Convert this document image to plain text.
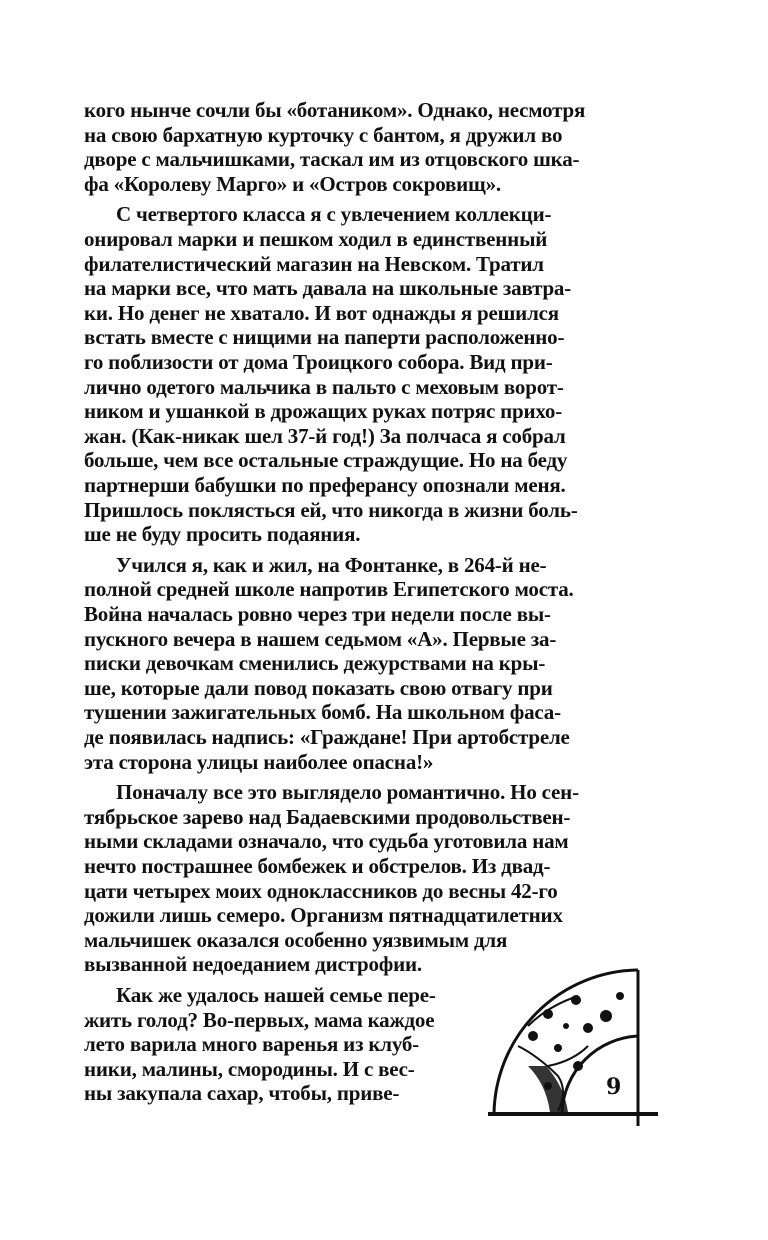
кого нынче сочли бы «ботаником». Однако, несмотря
на свою бархатную курточку с бантом, я дружил во
дворе с мальчишками, таскал им из отцовского шка-
фа «Королеву Марго» и «Остров сокровищ».
С четвертого класса я с увлечением коллекци-
онировал марки и пешком ходил в единственный
филателистический магазин на Невском. Тратил
на марки все, что мать давала на школьные завтра-
ки. Но денег не хватало. И вот однажды я решился
встать вместе с нищими на паперти расположенно-
го поблизости от дома Троицкого собора. Вид при-
лично одетого мальчика в пальто с меховым ворот-
ником и ушанкой в дрожащих руках потряс прихо-
жан. (Как-никак шел 37-й год!) За полчаса я собрал
больше, чем все остальные страждущие. Но на беду
партнерши бабушки по преферансу опознали меня.
Пришлось поклясться ей, что никогда в жизни боль-
ше не буду просить подаяния.
Учился я, как и жил, на Фонтанке, в 264-й не-
полной средней школе напротив Египетского моста.
Война началась ровно через три недели после вы-
пускного вечера в нашем седьмом «А». Первые за-
писки девочкам сменились дежурствами на кры-
ше, которые дали повод показать свою отвагу при
тушении зажигательных бомб. На школьном фаса-
де появилась надпись: «Граждане! При артобстреле
эта сторона улицы наиболее опасна!»
Поначалу все это выглядело романтично. Но сен-
тябрьское зарево над Бадаевскими продовольствен-
ными складами означало, что судьба уготовила нам
нечто пострашнее бомбежек и обстрелов. Из двад-
цати четырех моих одноклассников до весны 42-го
дожили лишь семеро. Организм пятнадцатилетних
мальчишек оказался особенно уязвимым для
вызванной недоеданием дистрофии.
Как же удалось нашей семье пере-
жить голод? Во-первых, мама каждое
лето варила много варенья из клуб-
ники, малины, смородины. И с вес-
ны закупала сахар, чтобы, приве-	9
